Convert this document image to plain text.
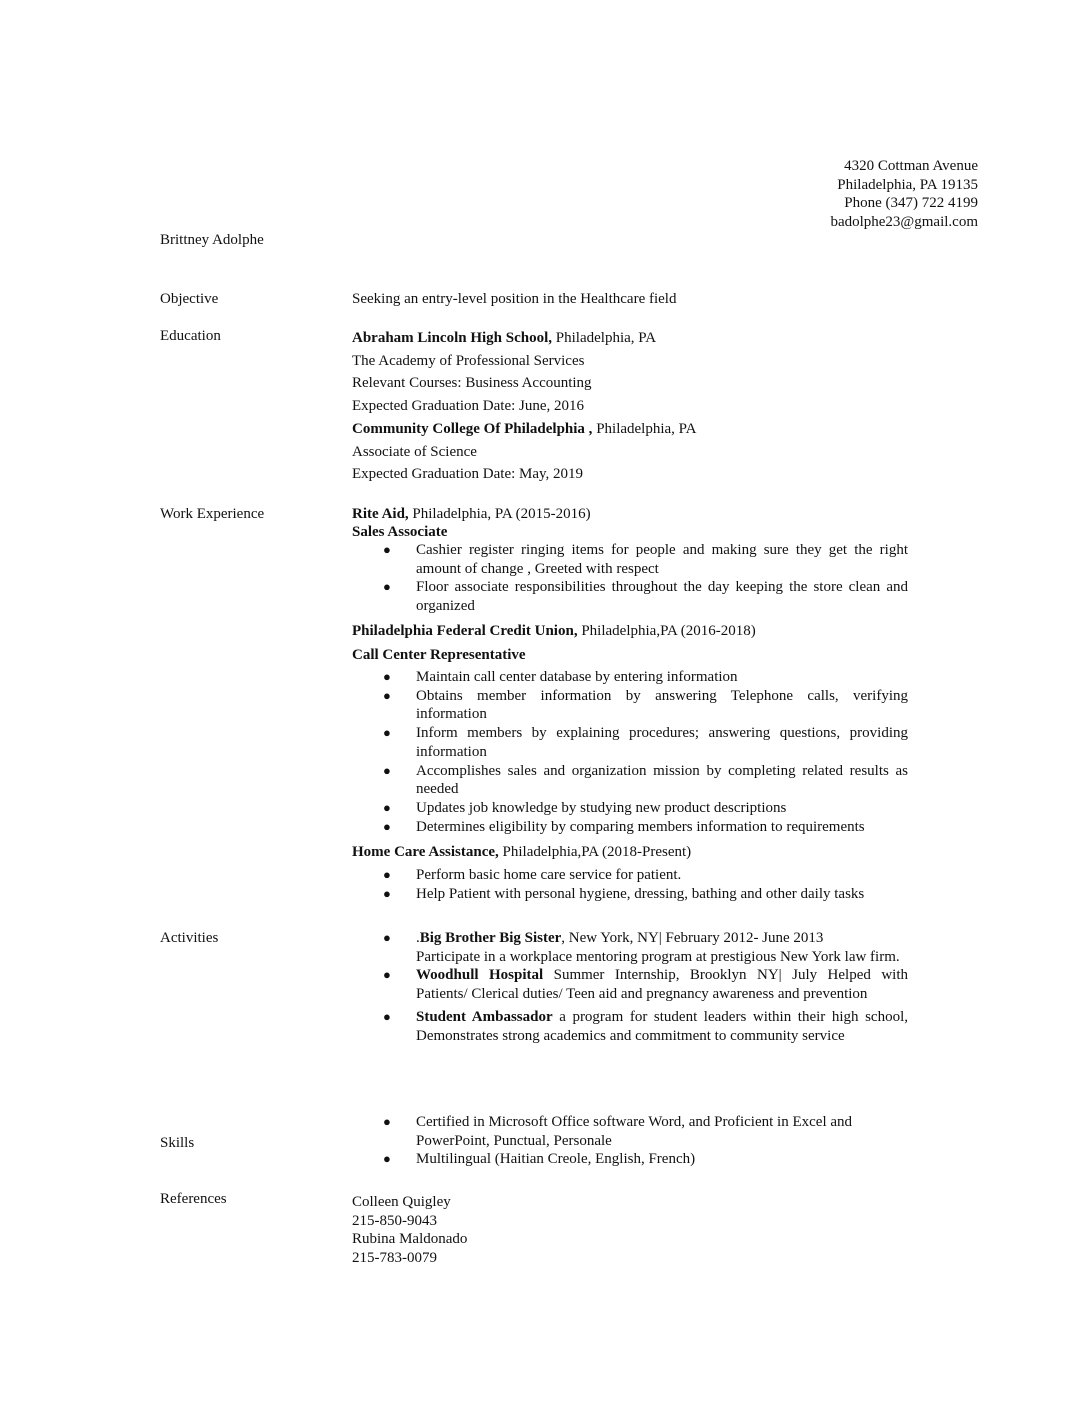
4320 Cottman Avenue
Philadelphia, PA 19135
Phone (347) 722 4199
badolphe23@gmail.com
Brittney Adolphe
Objective	Seeking an entry-level position in the Healthcare field
Education	Abraham Lincoln High School, Philadelphia, PA
The Academy of Professional Services
Relevant Courses: Business Accounting
Expected Graduation Date: June, 2016
Community College Of Philadelphia , Philadelphia, PA
Associate of Science
Expected Graduation Date: May, 2019
Work Experience	Rite Aid, Philadelphia, PA (2015-2016)
Sales Associate
● Cashier register ringing items for people and making sure they get the right amount of change , Greeted with respect
● Floor associate responsibilities throughout the day keeping the store clean and organized
Philadelphia Federal Credit Union, Philadelphia,PA (2016-2018)
Call Center Representative
● Maintain call center database by entering information
● Obtains member information by answering Telephone calls, verifying information
● Inform members by explaining procedures; answering questions, providing information
● Accomplishes sales and organization mission by completing related results as needed
● Updates job knowledge by studying new product descriptions
● Determines eligibility by comparing members information to requirements
Home Care Assistance, Philadelphia,PA (2018-Present)
● Perform basic home care service for patient.
● Help Patient with personal hygiene, dressing, bathing and other daily tasks
Activities	● .Big Brother Big Sister, New York, NY| February 2012- June 2013
Participate in a workplace mentoring program at prestigious New York law firm.
● Woodhull Hospital Summer Internship, Brooklyn NY| July Helped with Patients/ Clerical duties/ Teen aid and pregnancy awareness and prevention
● Student Ambassador a program for student leaders within their high school, Demonstrates strong academics and commitment to community service
Skills
● Certified in Microsoft Office software Word, and Proficient in Excel and PowerPoint, Punctual, Personale
● Multilingual (Haitian Creole, English, French)
References	Colleen Quigley
215-850-9043
Rubina Maldonado
215-783-0079
